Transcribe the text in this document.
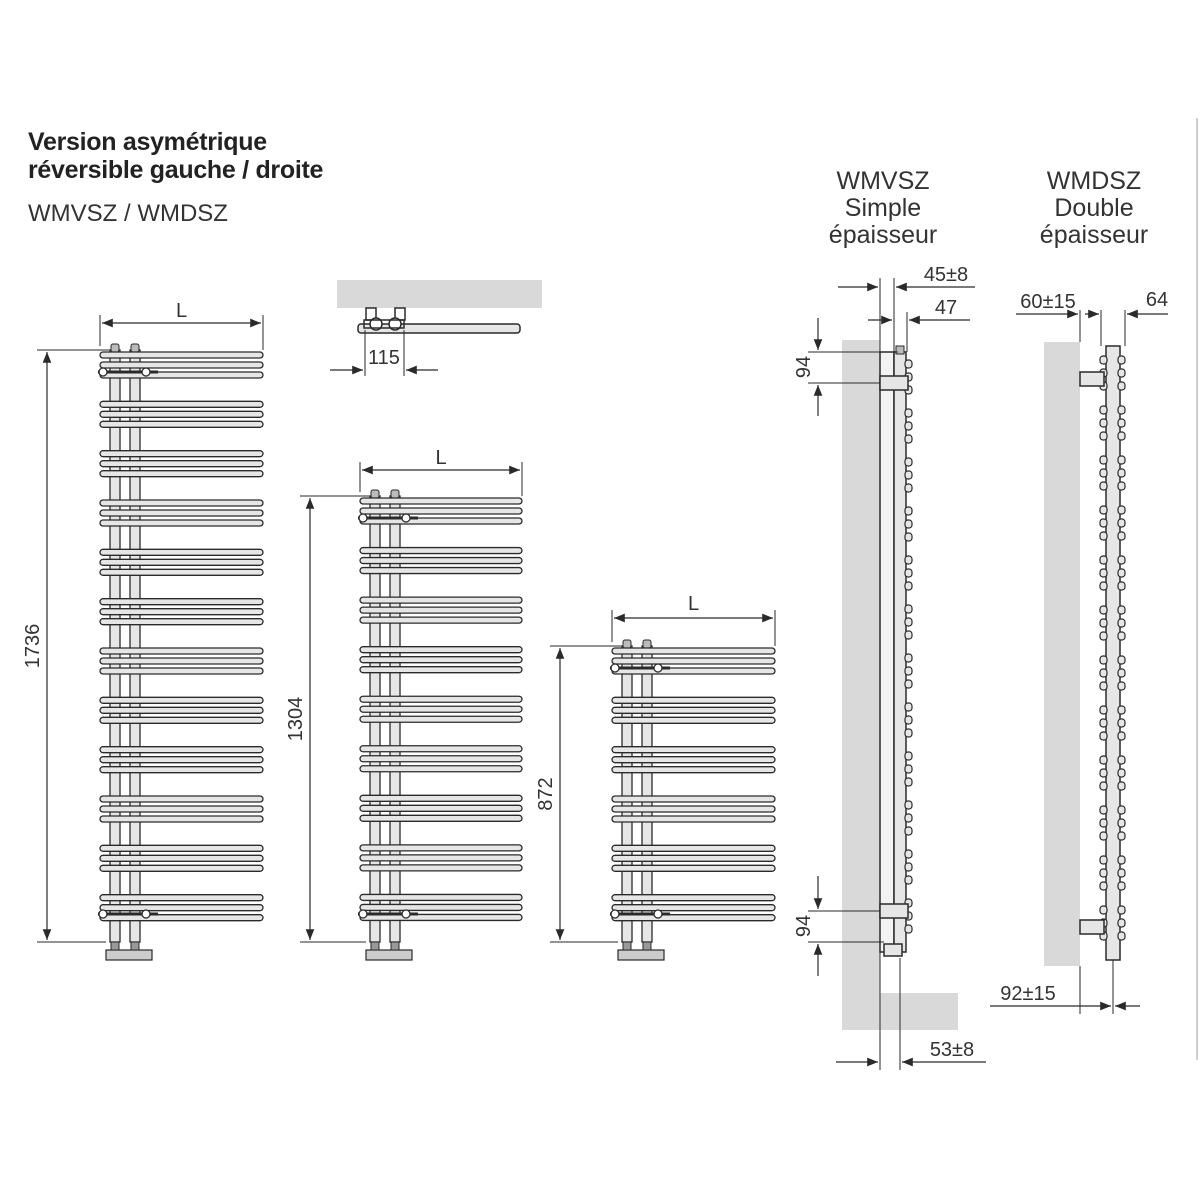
Version asymétrique
réversible gauche / droite
WMVSZ / WMDSZ
WMVSZ
Simple
épaisseur
WMDSZ
Double
épaisseur
L
1736
L
1304
L
872
115
45±8
47
94
94
53±8
60±15	64
92±15
